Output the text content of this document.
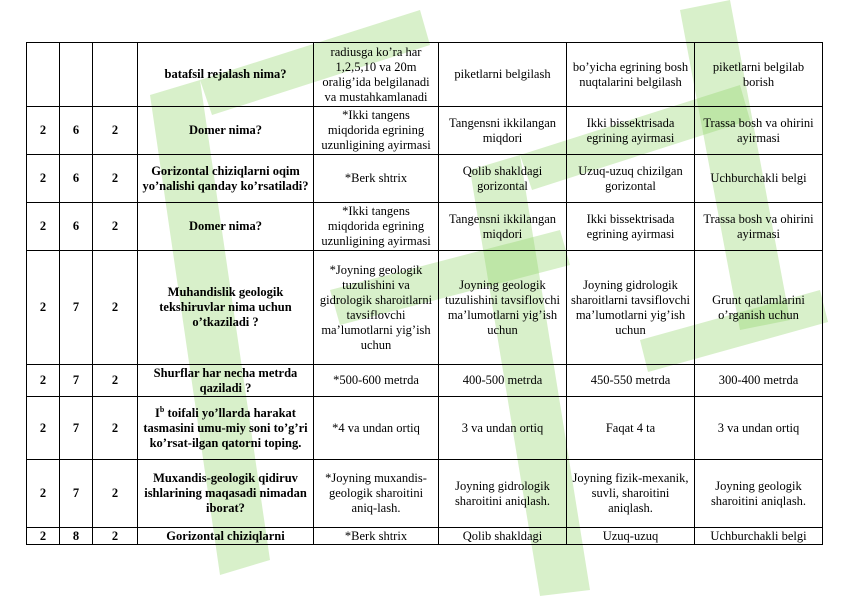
			batafsil rejalash nima?	radiusga ko’ra har 1,2,5,10 va 20m oralig’ida belgilanadi va mustahkamlanadi	piketlarni belgilash	bo’yicha egrining bosh nuqtalarini belgilash	piketlarni belgilab borish
2	6	2	Domer nima?	*Ikki tangens miqdorida egrining uzunligining ayirmasi	Tangensni ikkilangan miqdori	Ikki bissektrisada egrining ayirmasi	Trassa bosh va ohirini ayirmasi
2	6	2	Gorizontal chiziqlarni oqim yo’nalishi qanday ko’rsatiladi?	*Berk shtrix	Qolib shakldagi gorizontal	Uzuq-uzuq chizilgan gorizontal	Uchburchakli belgi
2	6	2	Domer nima?	*Ikki tangens miqdorida egrining uzunligining ayirmasi	Tangensni ikkilangan miqdori	Ikki bissektrisada egrining ayirmasi	Trassa bosh va ohirini ayirmasi
2	7	2	Muhandislik geologik tekshiruvlar nima uchun o’tkaziladi ?	*Joyning geologik tuzulishini va gidrologik sharoitlarni tavsiflovchi ma’lumotlarni yig’ish uchun	Joyning geologik tuzulishini tavsiflovchi ma’lumotlarni yig’ish uchun	Joyning gidrologik sharoitlarni tavsiflovchi ma’lumotlarni yig’ish uchun	Grunt qatlamlarini o’rganish uchun
2	7	2	Shurflar har necha metrda qaziladi ?	*500-600 metrda	400-500 metrda	450-550 metrda	300-400 metrda
2	7	2	$I^b$ toifali yo’llarda harakat tasmasini umu-miy soni to’g’ri ko’rsat-ilgan qatorni toping.	*4 va undan ortiq	3 va undan ortiq	Faqat 4 ta	3 va undan ortiq
2	7	2	Muxandis-geologik qidiruv ishlarining maqasadi nimadan iborat?	*Joyning muxandis-geologik sharoitini aniq-lash.	Joyning gidrologik sharoitini aniqlash.	Joyning fizik-mexanik, suvli, sharoitini aniqlash.	Joyning geologik sharoitini aniqlash.
2	8	2	Gorizontal chiziqlarni	*Berk shtrix	Qolib shakldagi	Uzuq-uzuq	Uchburchakli belgi
